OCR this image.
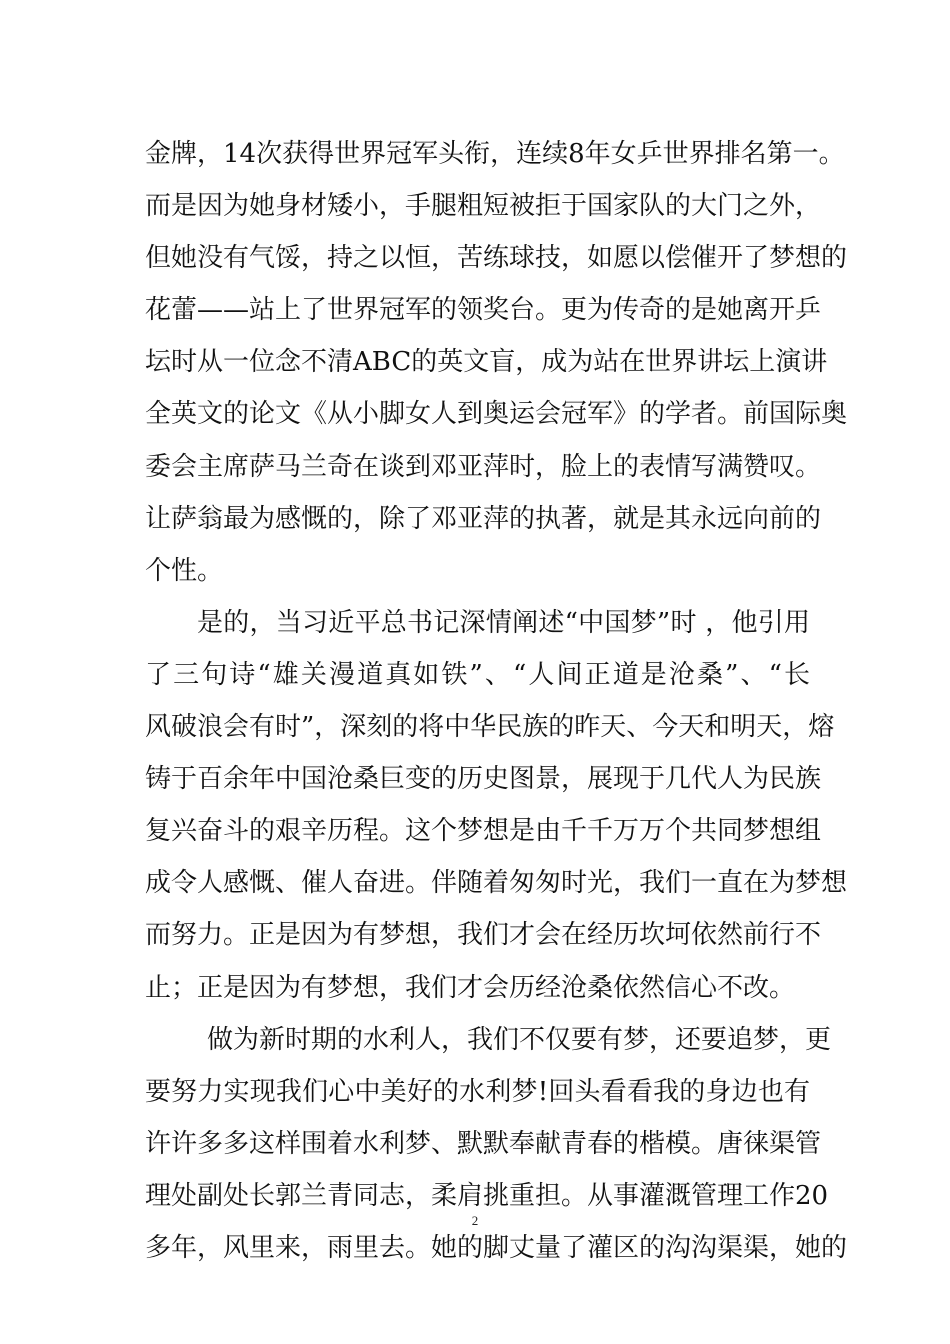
金牌，14次获得世界冠军头衔，连续8年女乒世界排名第一。
而是因为她身材矮小，手腿粗短被拒于国家队的大门之外，
但她没有气馁，持之以恒，苦练球技，如愿以偿催开了梦想的
花蕾——站上了世界冠军的领奖台。更为传奇的是她离开乒
坛时从一位念不清ABC的英文盲，成为站在世界讲坛上演讲
全英文的论文《从小脚女人到奥运会冠军》的学者。前国际奥
委会主席萨马兰奇在谈到邓亚萍时，脸上的表情写满赞叹。
让萨翁最为感慨的，除了邓亚萍的执著，就是其永远向前的
个性。
是的，当习近平总书记深情阐述“中国梦”时 ，他引用
了三句诗“雄关漫道真如铁”、“人间正道是沧桑”、“长
风破浪会有时”，深刻的将中华民族的昨天、今天和明天，熔
铸于百余年中国沧桑巨变的历史图景，展现于几代人为民族
复兴奋斗的艰辛历程。这个梦想是由千千万万个共同梦想组
成令人感慨、催人奋进。伴随着匆匆时光，我们一直在为梦想
而努力。正是因为有梦想，我们才会在经历坎坷依然前行不
止；正是因为有梦想，我们才会历经沧桑依然信心不改。
做为新时期的水利人，我们不仅要有梦，还要追梦，更
要努力实现我们心中美好的水利梦!回头看看我的身边也有
许许多多这样围着水利梦、默默奉献青春的楷模。唐徕渠管
理处副处长郭兰青同志，柔肩挑重担。从事灌溉管理工作20
多年，风里来，雨里去。她的脚丈量了灌区的沟沟渠渠，她的
2
